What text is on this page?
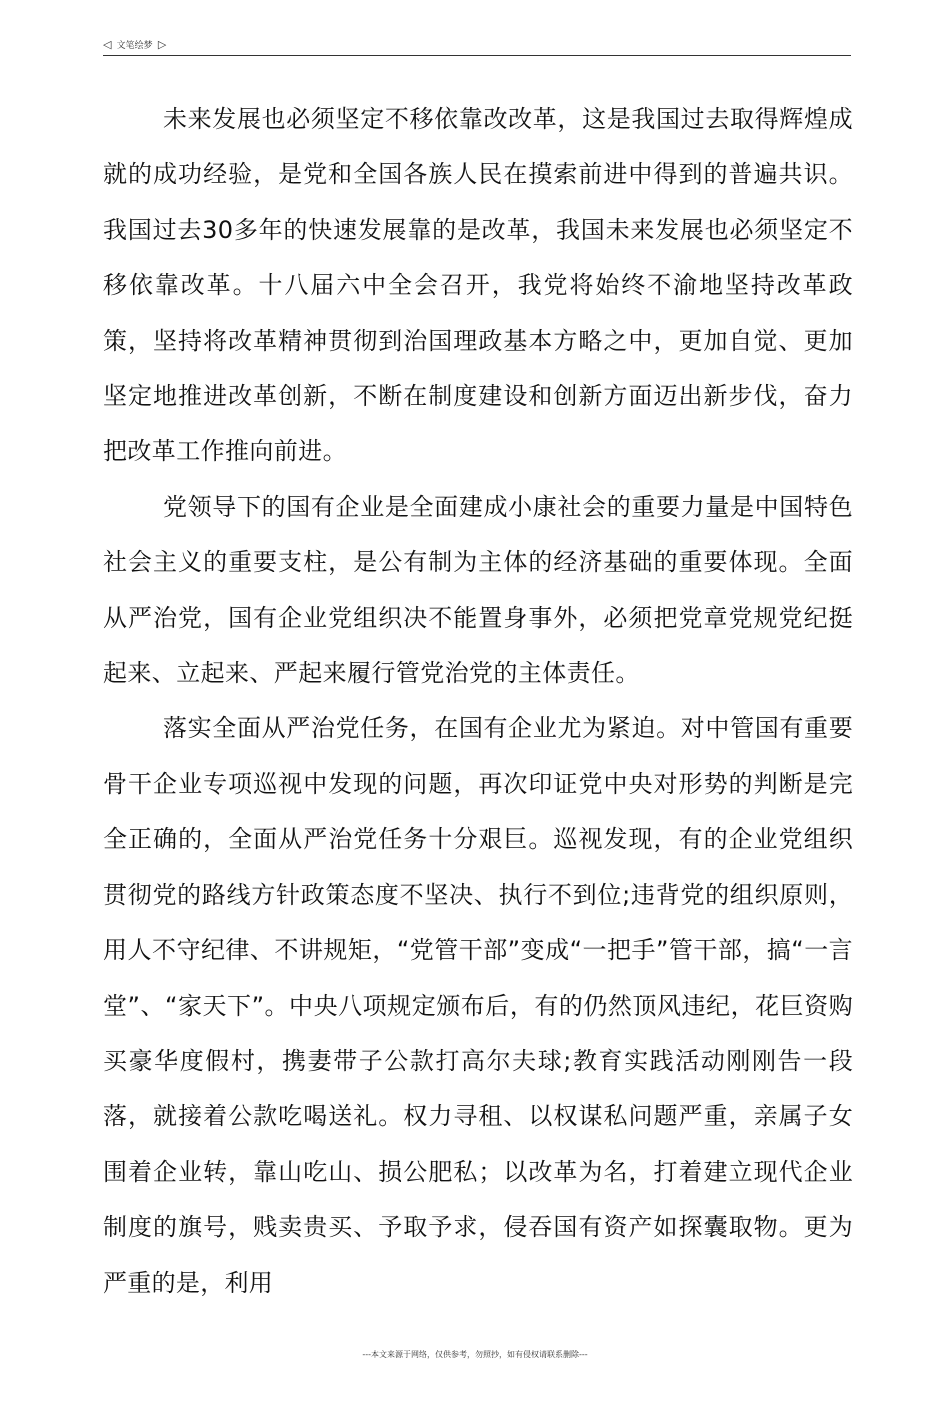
◁ 文笔绘梦 ▷

未来发展也必须坚定不移依靠改改革，这是我国过去取得辉煌成就的成功经验，是党和全国各族人民在摸索前进中得到的普遍共识。我国过去30多年的快速发展靠的是改革，我国未来发展也必须坚定不移依靠改革。十八届六中全会召开，我党将始终不渝地坚持改革政策，坚持将改革精神贯彻到治国理政基本方略之中，更加自觉、更加坚定地推进改革创新，不断在制度建设和创新方面迈出新步伐，奋力把改革工作推向前进。

党领导下的国有企业是全面建成小康社会的重要力量是中国特色社会主义的重要支柱，是公有制为主体的经济基础的重要体现。全面从严治党，国有企业党组织决不能置身事外，必须把党章党规党纪挺起来、立起来、严起来履行管党治党的主体责任。

落实全面从严治党任务，在国有企业尤为紧迫。对中管国有重要骨干企业专项巡视中发现的问题，再次印证党中央对形势的判断是完全正确的，全面从严治党任务十分艰巨。巡视发现，有的企业党组织贯彻党的路线方针政策态度不坚决、执行不到位;违背党的组织原则，用人不守纪律、不讲规矩，“党管干部”变成“一把手”管干部，搞“一言堂”、“家天下”。中央八项规定颁布后，有的仍然顶风违纪，花巨资购买豪华度假村，携妻带子公款打高尔夫球;教育实践活动刚刚告一段落，就接着公款吃喝送礼。权力寻租、以权谋私问题严重，亲属子女围着企业转，靠山吃山、损公肥私；以改革为名，打着建立现代企业制度的旗号，贱卖贵买、予取予求，侵吞国有资产如探囊取物。更为严重的是，利用

---本文来源于网络，仅供参考，勿照抄，如有侵权请联系删除---
